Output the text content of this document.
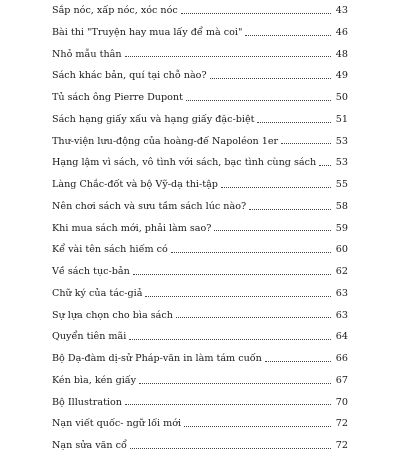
Sắp nóc, xấp nóc, xóc nóc	43
Bài thi "Truyện hay mua lấy để mà coi"	46
Nhỏ mẫu thân	48
Sách khác bản, quí tại chỗ nào?	49
Tủ sách ông Pierre Dupont	50
Sách hạng giấy xấu và hạng giấy đặc-biệt	51
Thư-viện lưu-động của hoàng-đế Napoléon 1er	53
Hạng lậm vì sách, vô tình với sách, bạc tình cùng sách 53
Làng Chắc-đốt và bộ Vỹ-dạ thi-tập	55
Nên chơi sách và sưu tầm sách lúc nào?	58
Khi mua sách mới, phải làm sao?	59
Kể vài tên sách hiếm có	60
Về sách tục-bản	62
Chữ ký của tác-giả	63
Sự lựa chọn cho bìa sách	63
Quyển tiên mãi	64
Bộ Dạ-đàm dị-sử Pháp-văn in làm tám cuốn	66
Kén bìa, kén giấy	67
Bộ Illustration	70
Nạn viết quốc- ngữ lối mới	72
Nạn sửa văn cổ	72
